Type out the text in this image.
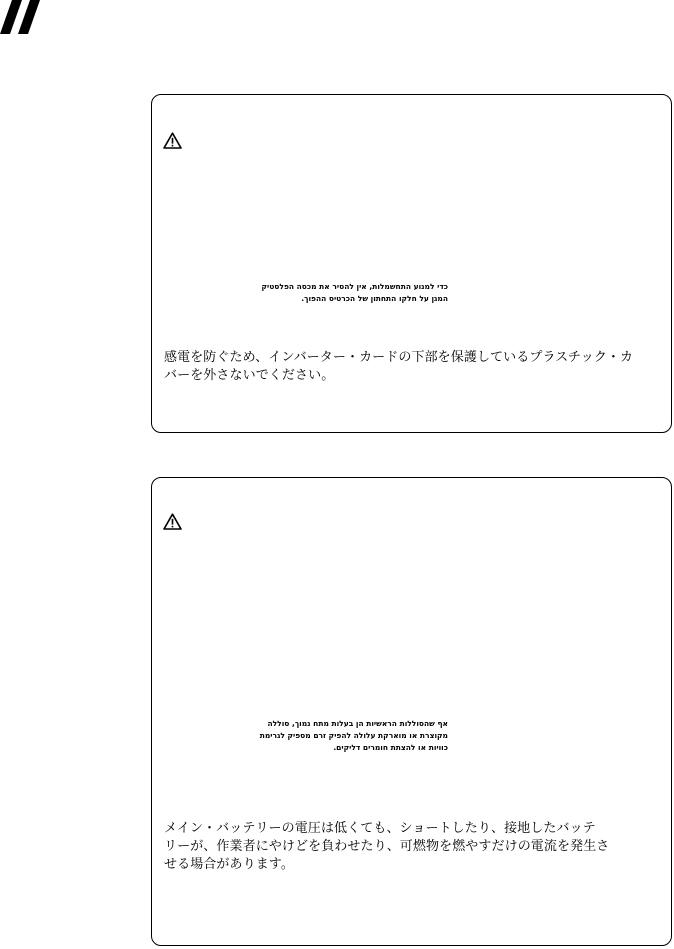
כדי למנוע התחשמלות, אין להסיר את מכסה הפלסטיק
המגן על חלקו התחתון של הכרטיס ההפוך.
感電を防ぐため、インバーター・カードの下部を保護しているプラスチック・カ
バーを外さないでください。
אף שהסוללות הראשיות הן בעלות מתח נמוך, סוללה
מקוצרת או מוארקת עלולה להפיק זרם מספיק לגרימת
כוויות או להצתת חומרים דליקים.
メイン・バッテリーの電圧は低くても、ショートしたり、接地したバッテ
リーが、作業者にやけどを負わせたり、可燃物を燃やすだけの電流を発生さ
せる場合があります。
